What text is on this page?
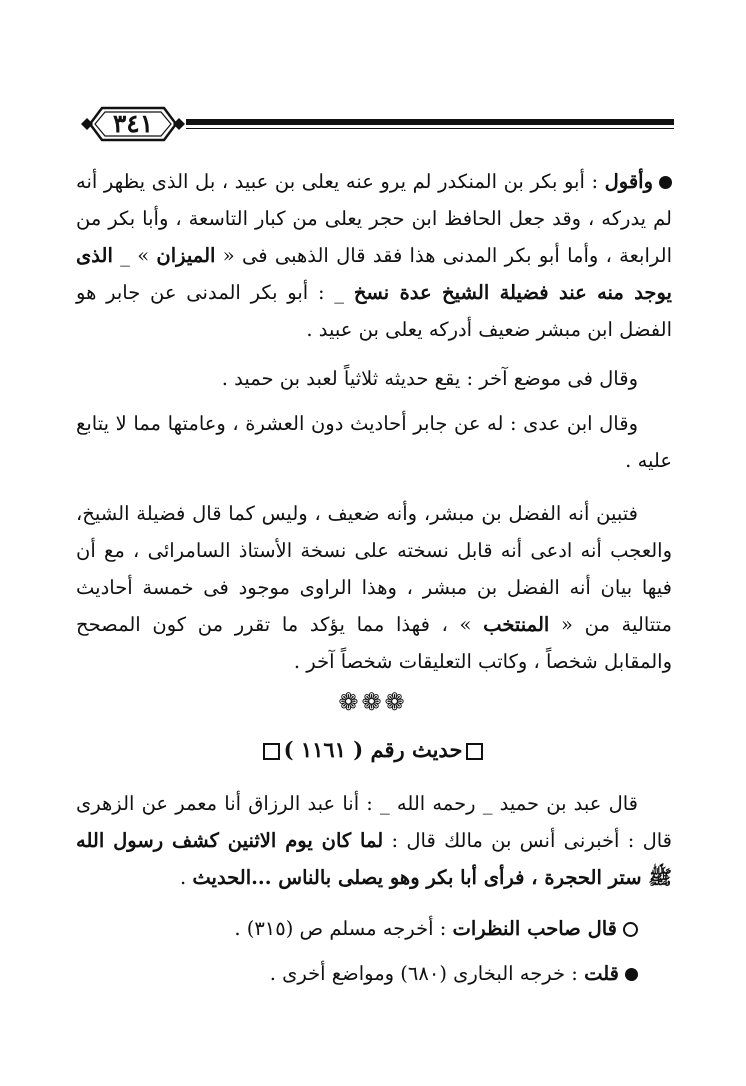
٣٤١

وأقول : أبو بكر بن المنكدر لم يرو عنه يعلى بن عبيد ، بل الذى يظهر أنه لم يدركه ، وقد جعل الحافظ ابن حجر يعلى من كبار التاسعة ، وأبا بكر من الرابعة ، وأما أبو بكر المدنى هذا فقد قال الذهبى فى « الميزان » _ الذى يوجد منه عند فضيلة الشيخ عدة نسخ _ : أبو بكر المدنى عن جابر هو الفضل ابن مبشر ضعيف أدركه يعلى بن عبيد .

وقال فى موضع آخر : يقع حديثه ثلاثياً لعبد بن حميد .

وقال ابن عدى : له عن جابر أحاديث دون العشرة ، وعامتها مما لا يتابع عليه .

فتبين أنه الفضل بن مبشر، وأنه ضعيف ، وليس كما قال فضيلة الشيخ، والعجب أنه ادعى أنه قابل نسخته على نسخة الأستاذ السامرائى ، مع أن فيها بيان أنه الفضل بن مبشر ، وهذا الراوى موجود فى خمسة أحاديث متتالية من « المنتخب » ، فهذا مما يؤكد ما تقرر من كون المصحح والمقابل شخصاً ، وكاتب التعليقات شخصاً آخر .

❁❁❁
حديث رقم ( ١١٦١ )

قال عبد بن حميد _ رحمه الله _ : أنا عبد الرزاق أنا معمر عن الزهرى قال : أخبرنى أنس بن مالك قال : لما كان يوم الاثنين كشف رسول الله ﷺ ستر الحجرة ، فرأى أبا بكر وهو يصلى بالناس ...الحديث .

قال صاحب النظرات : أخرجه مسلم ص (٣١٥) .

قلت : خرجه البخارى (٦٨٠) ومواضع أخرى .
